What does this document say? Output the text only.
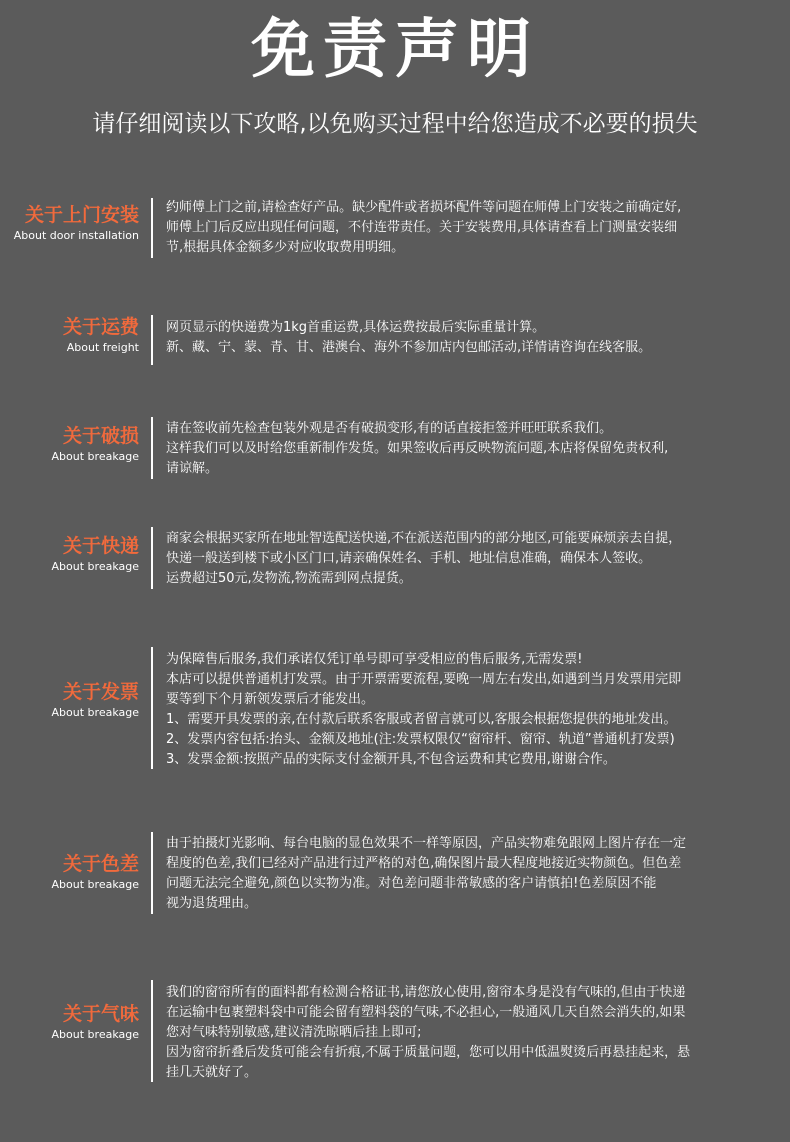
免责声明
请仔细阅读以下攻略,以免购买过程中给您造成不必要的损失
关于上门安装
About door installation

约师傅上门之前,请检查好产品。缺少配件或者损坏配件等问题在师傅上门安装之前确定好,

师傅上门后反应出现任何问题，不付连带责任。关于安装费用,具体请查看上门测量安装细

节,根据具体金额多少对应收取费用明细。

关于运费
About freight

网页显示的快递费为1kg首重运费,具体运费按最后实际重量计算。

新、藏、宁、蒙、青、甘、港澳台、海外不参加店内包邮活动,详情请咨询在线客服。

关于破损
About breakage

请在签收前先检查包装外观是否有破损变形,有的话直接拒签并旺旺联系我们。

这样我们可以及时给您重新制作发货。如果签收后再反映物流问题,本店将保留免责权利,

请谅解。

关于快递
About breakage

商家会根据买家所在地址智选配送快递,不在派送范围内的部分地区,可能要麻烦亲去自提，

快递一般送到楼下或小区门口,请亲确保姓名、手机、地址信息准确，确保本人签收。

运费超过50元,发物流,物流需到网点提货。

关于发票
About breakage

为保障售后服务,我们承诺仅凭订单号即可享受相应的售后服务,无需发票!

本店可以提供普通机打发票。由于开票需要流程,要晚一周左右发出,如遇到当月发票用完即

要等到下个月新领发票后才能发出。

1、需要开具发票的亲,在付款后联系客服或者留言就可以,客服会根据您提供的地址发出。

2、发票内容包括:抬头、金额及地址(注:发票权限仅“窗帘杆、窗帘、轨道”普通机打发票)

3、发票金额:按照产品的实际支付金额开具,不包含运费和其它费用,谢谢合作。

关于色差
About breakage

由于拍摄灯光影响、每台电脑的显色效果不一样等原因，产品实物难免跟网上图片存在一定

程度的色差,我们已经对产品进行过严格的对色,确保图片最大程度地接近实物颜色。但色差

问题无法完全避免,颜色以实物为准。对色差问题非常敏感的客户请慎拍!色差原因不能

视为退货理由。

关于气味
About breakage

我们的窗帘所有的面料都有检测合格证书,请您放心使用,窗帘本身是没有气味的,但由于快递

在运输中包裹塑料袋中可能会留有塑料袋的气味,不必担心,一般通风几天自然会消失的,如果

您对气味特别敏感,建议清洗晾晒后挂上即可;

因为窗帘折叠后发货可能会有折痕,不属于质量问题，您可以用中低温熨烫后再悬挂起来，悬

挂几天就好了。
